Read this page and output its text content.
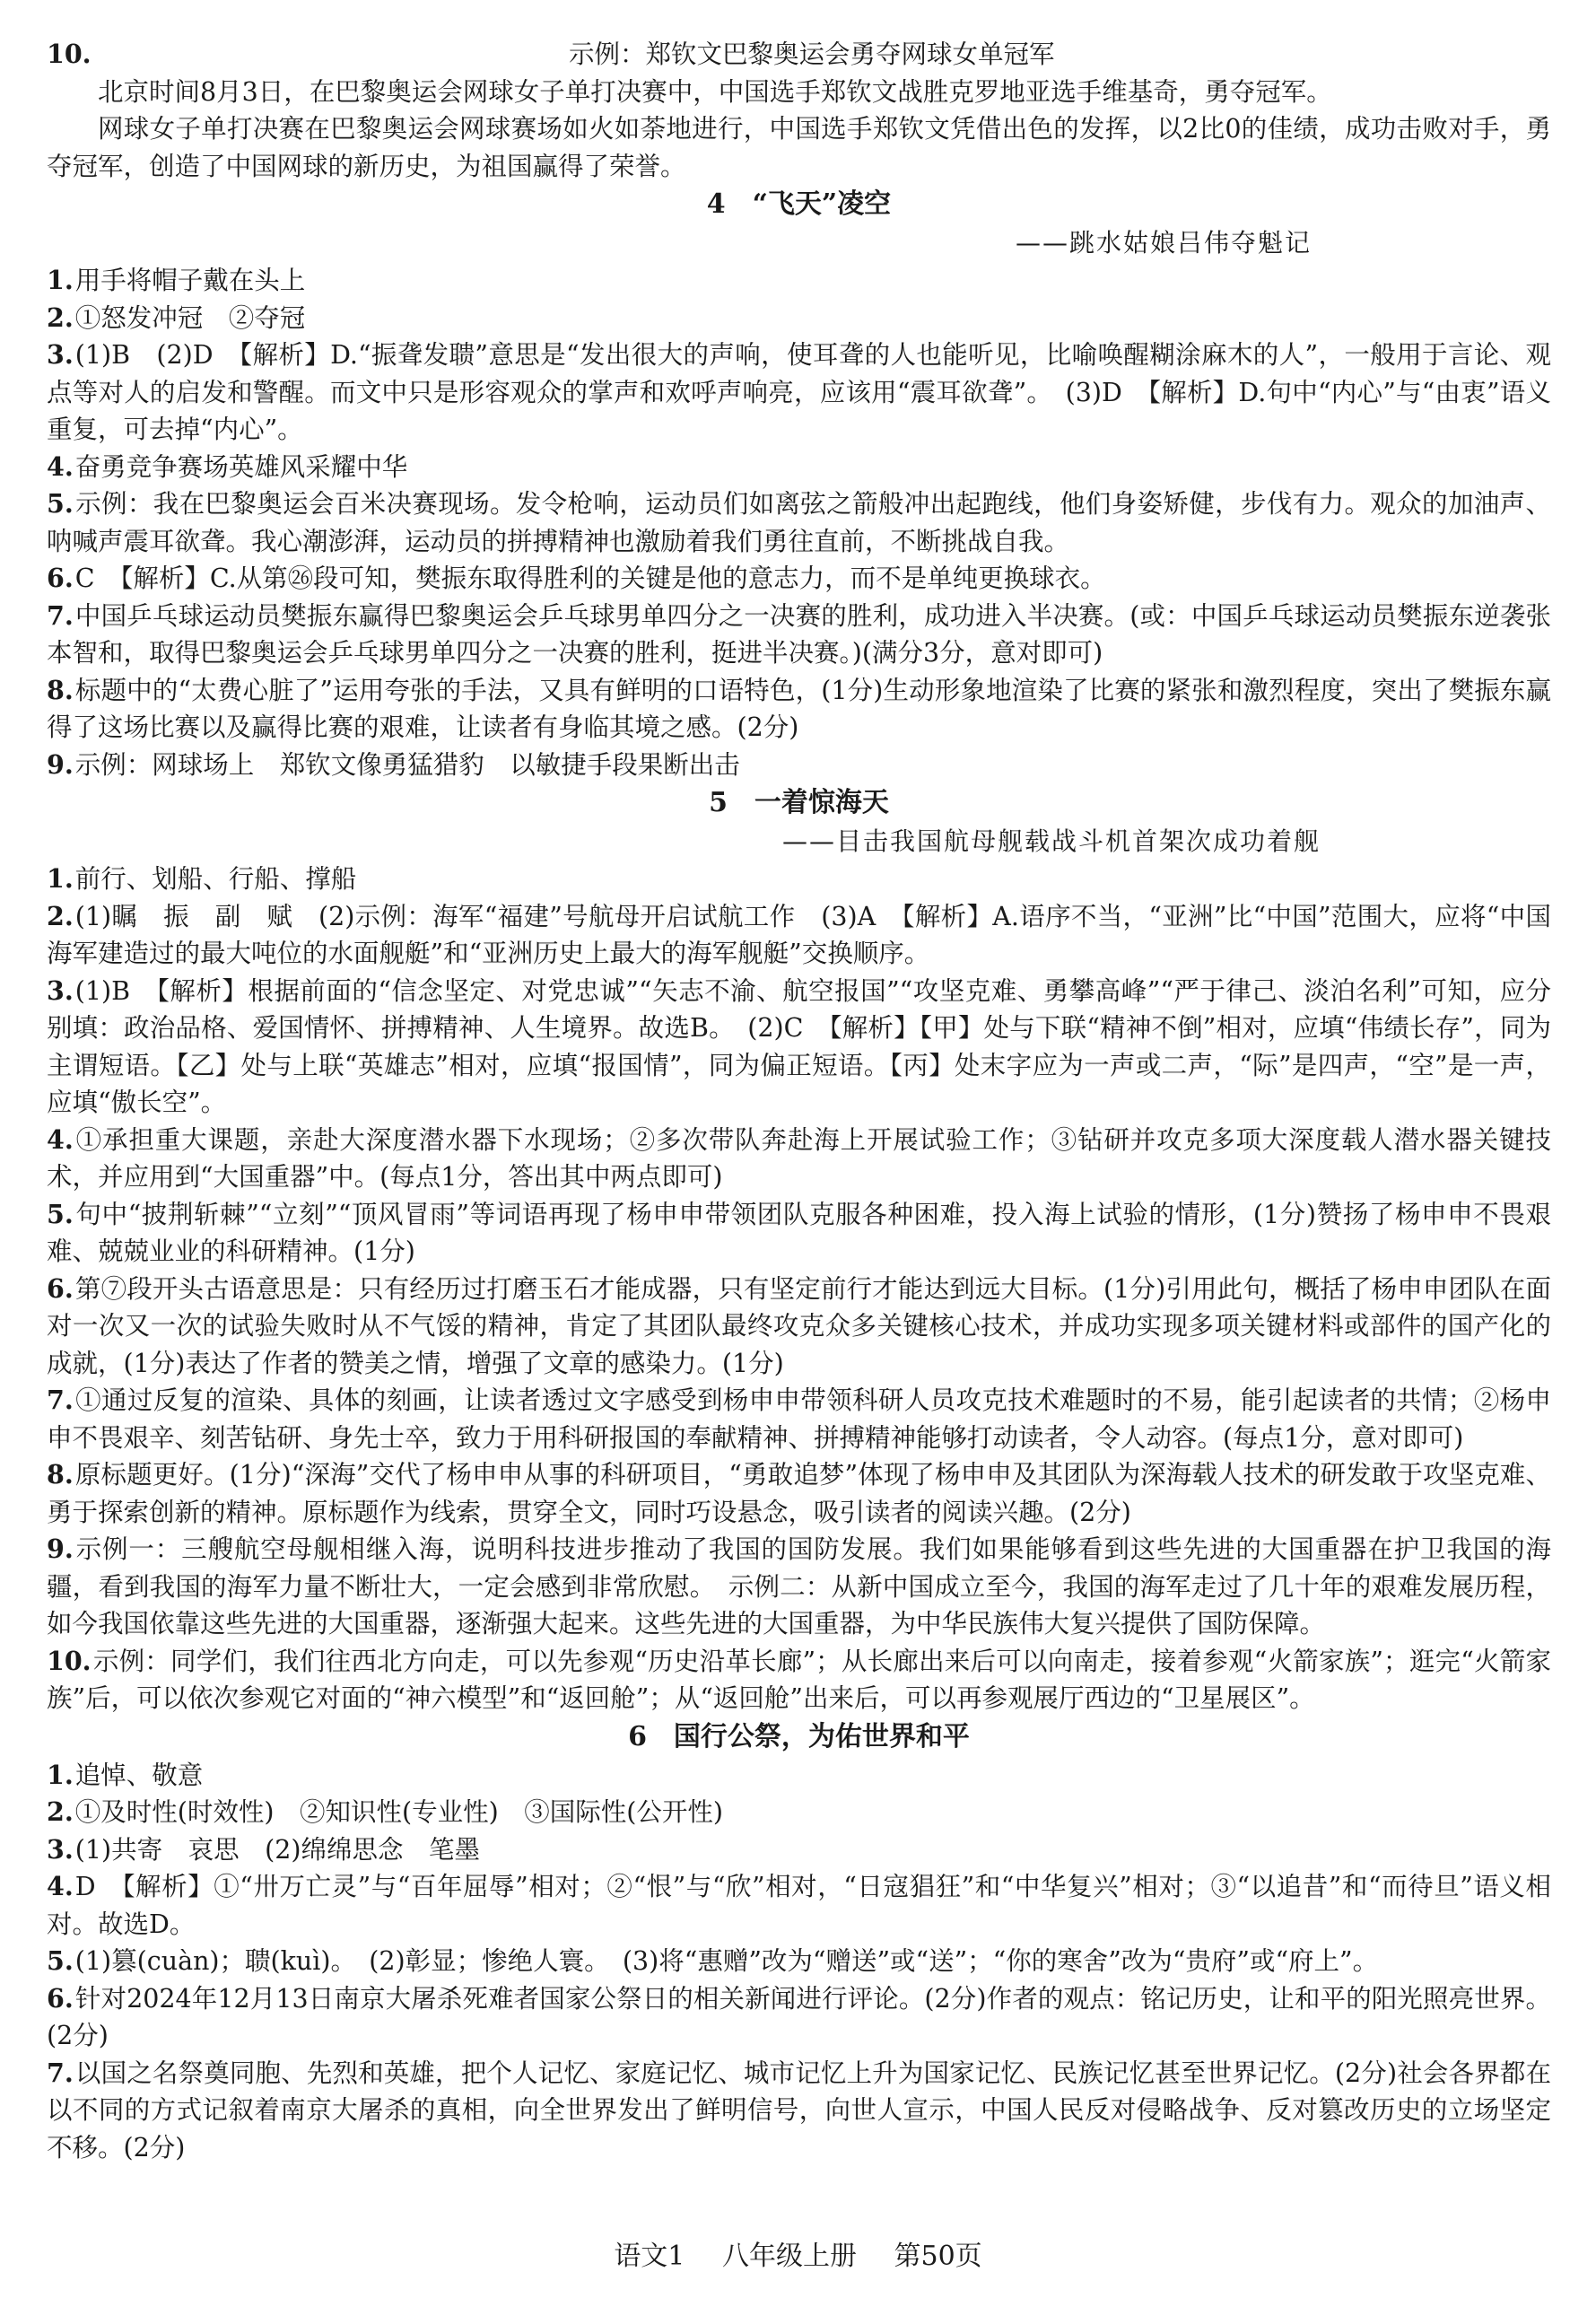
10.	示例：郑钦文巴黎奥运会勇夺网球女单冠军

北京时间8月3日，在巴黎奥运会网球女子单打决赛中，中国选手郑钦文战胜克罗地亚选手维基奇，勇夺冠军。

网球女子单打决赛在巴黎奥运会网球赛场如火如荼地进行，中国选手郑钦文凭借出色的发挥，以2比0的佳绩，成功击败对手，勇夺冠军，创造了中国网球的新历史，为祖国赢得了荣誉。

4　“飞天”凌空

——跳水姑娘吕伟夺魁记

1.用手将帽子戴在头上

2.①怒发冲冠　②夺冠

3.(1)B　(2)D　【解析】D.“振聋发聩”意思是“发出很大的声响，使耳聋的人也能听见，比喻唤醒糊涂麻木的人”，一般用于言论、观点等对人的启发和警醒。而文中只是形容观众的掌声和欢呼声响亮，应该用“震耳欲聋”。　(3)D　【解析】D.句中“内心”与“由衷”语义重复，可去掉“内心”。

4.奋勇竞争赛场英雄风采耀中华

5.示例：我在巴黎奥运会百米决赛现场。发令枪响，运动员们如离弦之箭般冲出起跑线，他们身姿矫健，步伐有力。观众的加油声、呐喊声震耳欲聋。我心潮澎湃，运动员的拼搏精神也激励着我们勇往直前，不断挑战自我。

6.C　【解析】C.从第㉖段可知，樊振东取得胜利的关键是他的意志力，而不是单纯更换球衣。

7.中国乒乓球运动员樊振东赢得巴黎奥运会乒乓球男单四分之一决赛的胜利，成功进入半决赛。(或：中国乒乓球运动员樊振东逆袭张本智和，取得巴黎奥运会乒乓球男单四分之一决赛的胜利，挺进半决赛。)(满分3分，意对即可)

8.标题中的“太费心脏了”运用夸张的手法，又具有鲜明的口语特色，(1分)生动形象地渲染了比赛的紧张和激烈程度，突出了樊振东赢得了这场比赛以及赢得比赛的艰难，让读者有身临其境之感。(2分)

9.示例：网球场上　郑钦文像勇猛猎豹　以敏捷手段果断出击

5　一着惊海天

——目击我国航母舰载战斗机首架次成功着舰

1.前行、划船、行船、撑船

2.(1)瞩　振　副　赋　(2)示例：海军“福建”号航母开启试航工作　(3)A　【解析】A.语序不当，“亚洲”比“中国”范围大，应将“中国海军建造过的最大吨位的水面舰艇”和“亚洲历史上最大的海军舰艇”交换顺序。

3.(1)B　【解析】根据前面的“信念坚定、对党忠诚”“矢志不渝、航空报国”“攻坚克难、勇攀高峰”“严于律己、淡泊名利”可知，应分别填：政治品格、爱国情怀、拼搏精神、人生境界。故选B。　(2)C　【解析】【甲】处与下联“精神不倒”相对，应填“伟绩长存”，同为主谓短语。【乙】处与上联“英雄志”相对，应填“报国情”，同为偏正短语。【丙】处末字应为一声或二声，“际”是四声，“空”是一声，应填“傲长空”。

4.①承担重大课题，亲赴大深度潜水器下水现场；②多次带队奔赴海上开展试验工作；③钻研并攻克多项大深度载人潜水器关键技术，并应用到“大国重器”中。(每点1分，答出其中两点即可)

5.句中“披荆斩棘”“立刻”“顶风冒雨”等词语再现了杨申申带领团队克服各种困难，投入海上试验的情形，(1分)赞扬了杨申申不畏艰难、兢兢业业的科研精神。(1分)

6.第⑦段开头古语意思是：只有经历过打磨玉石才能成器，只有坚定前行才能达到远大目标。(1分)引用此句，概括了杨申申团队在面对一次又一次的试验失败时从不气馁的精神，肯定了其团队最终攻克众多关键核心技术，并成功实现多项关键材料或部件的国产化的成就，(1分)表达了作者的赞美之情，增强了文章的感染力。(1分)

7.①通过反复的渲染、具体的刻画，让读者透过文字感受到杨申申带领科研人员攻克技术难题时的不易，能引起读者的共情；②杨申申不畏艰辛、刻苦钻研、身先士卒，致力于用科研报国的奉献精神、拼搏精神能够打动读者，令人动容。(每点1分，意对即可)

8.原标题更好。(1分)“深海”交代了杨申申从事的科研项目，“勇敢追梦”体现了杨申申及其团队为深海载人技术的研发敢于攻坚克难、勇于探索创新的精神。原标题作为线索，贯穿全文，同时巧设悬念，吸引读者的阅读兴趣。(2分)

9.示例一：三艘航空母舰相继入海，说明科技进步推动了我国的国防发展。我们如果能够看到这些先进的大国重器在护卫我国的海疆，看到我国的海军力量不断壮大，一定会感到非常欣慰。　示例二：从新中国成立至今，我国的海军走过了几十年的艰难发展历程，如今我国依靠这些先进的大国重器，逐渐强大起来。这些先进的大国重器，为中华民族伟大复兴提供了国防保障。

10.示例：同学们，我们往西北方向走，可以先参观“历史沿革长廊”；从长廊出来后可以向南走，接着参观“火箭家族”；逛完“火箭家族”后，可以依次参观它对面的“神六模型”和“返回舱”；从“返回舱”出来后，可以再参观展厅西边的“卫星展区”。

6　国行公祭，为佑世界和平

1.追悼、敬意

2.①及时性(时效性)　②知识性(专业性)　③国际性(公开性)

3.(1)共寄　哀思　(2)绵绵思念　笔墨

4.D　【解析】①“卅万亡灵”与“百年屈辱”相对；②“恨”与“欣”相对，“日寇猖狂”和“中华复兴”相对；③“以追昔”和“而待旦”语义相对。故选D。

5.(1)篡(cuàn)；聩(kuì)。　(2)彰显；惨绝人寰。　(3)将“惠赠”改为“赠送”或“送”；“你的寒舍”改为“贵府”或“府上”。

6.针对2024年12月13日南京大屠杀死难者国家公祭日的相关新闻进行评论。(2分)作者的观点：铭记历史，让和平的阳光照亮世界。(2分)

7.以国之名祭奠同胞、先烈和英雄，把个人记忆、家庭记忆、城市记忆上升为国家记忆、民族记忆甚至世界记忆。(2分)社会各界都在以不同的方式记叙着南京大屠杀的真相，向全世界发出了鲜明信号，向世人宣示，中国人民反对侵略战争、反对篡改历史的立场坚定不移。(2分)

语文1 八年级上册 第50页
